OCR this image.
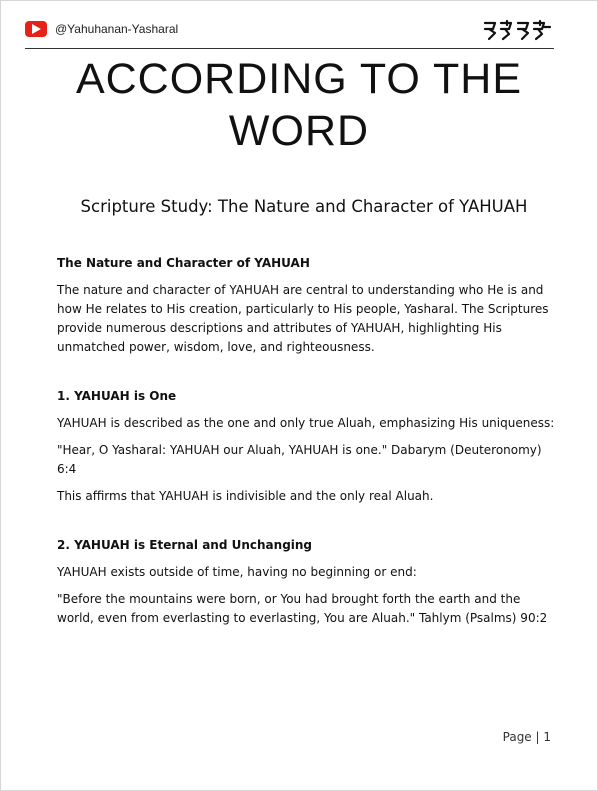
@Yahuhanan-Yasharal
ACCORDING TO THE
WORD
Scripture Study: The Nature and Character of YAHUAH

The Nature and Character of YAHUAH

The nature and character of YAHUAH are central to understanding who He is and how He relates to His creation, particularly to His people, Yasharal. The Scriptures provide numerous descriptions and attributes of YAHUAH, highlighting His unmatched power, wisdom, love, and righteousness.

1. YAHUAH is One

YAHUAH is described as the one and only true Aluah, emphasizing His uniqueness:

"Hear, O Yasharal: YAHUAH our Aluah, YAHUAH is one." Dabarym (Deuteronomy) 6:4

This affirms that YAHUAH is indivisible and the only real Aluah.

2. YAHUAH is Eternal and Unchanging

YAHUAH exists outside of time, having no beginning or end:

"Before the mountains were born, or You had brought forth the earth and the world, even from everlasting to everlasting, You are Aluah." Tahlym (Psalms) 90:2

Page | 1
